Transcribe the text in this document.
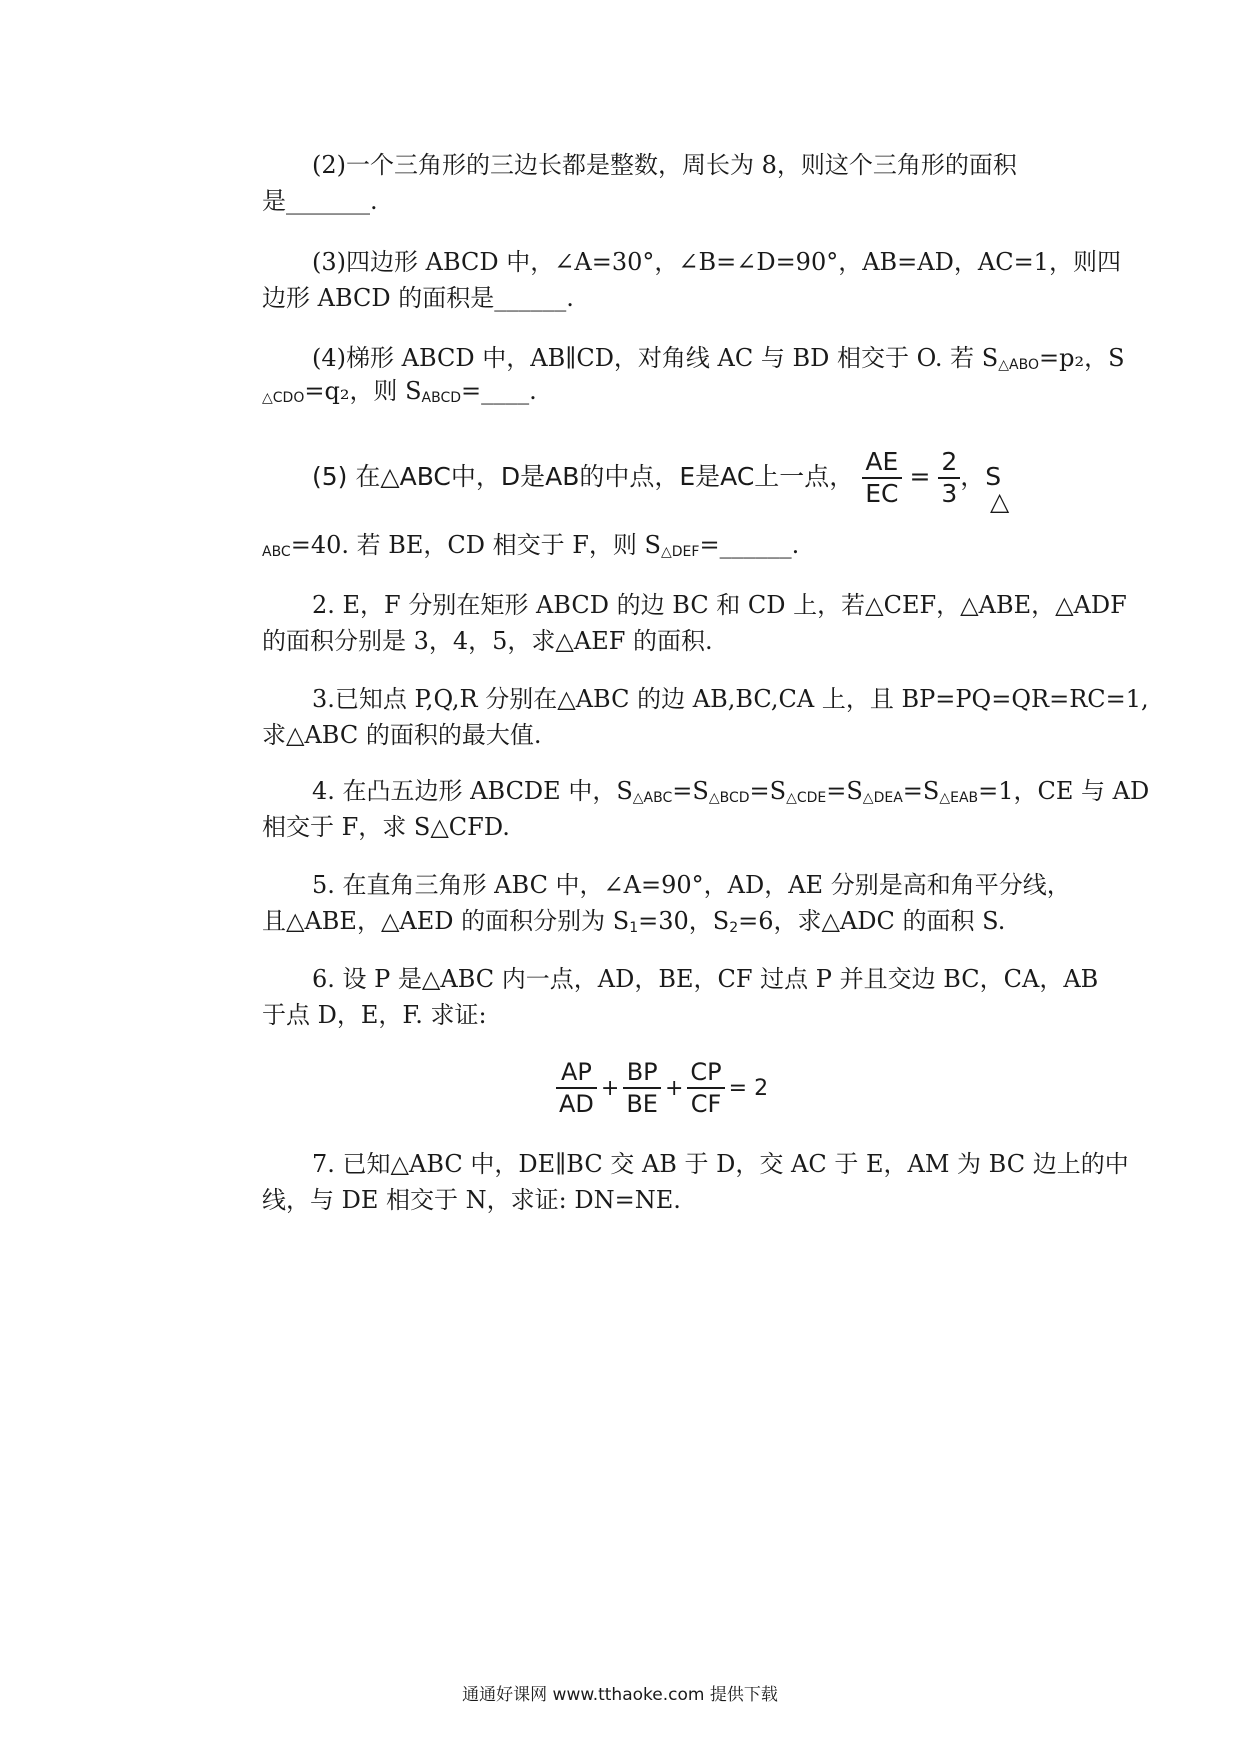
(2)一个三角形的三边长都是整数，周长为 8，则这个三角形的面积
是_______.
(3)四边形 ABCD 中，∠A=30°，∠B=∠D=90°，AB=AD，AC=1，则四
边形 ABCD 的面积是______.
(4)梯形 ABCD 中，AB∥CD，对角线 AC 与 BD 相交于 O. 若 $S_{\triangle ABO}=p_2$，S
$_{\triangle CDO}$=q₂，则 $S_{ABCD}=\_\_\_\_$.
(5) 在△ABC中，D是AB的中点，E是AC上一点， $\frac{AE}{EC} = \frac{2}{3}$ ，S
△
$_{ABC}$=40. 若 BE，CD 相交于 F，则 $S_{\triangle DEF}=\_\_\_\_\_\_$.
2. E，F 分别在矩形 ABCD 的边 BC 和 CD 上，若△CEF，△ABE，△ADF
的面积分别是 3，4，5，求△AEF 的面积.
3.已知点 P,Q,R 分别在△ABC 的边 AB,BC,CA 上，且 BP=PQ=QR=RC=1,
求△ABC 的面积的最大值.
4. 在凸五边形 ABCDE 中，$S_{\triangle ABC}=S_{\triangle BCD}=S_{\triangle CDE}=S_{\triangle DEA}=S_{\triangle EAB}=1$，CE 与 AD
相交于 F，求 S△CFD.
5. 在直角三角形 ABC 中，∠A=90°，AD，AE 分别是高和角平分线，
且△ABE，△AED 的面积分别为 $S_1=30$，$S_2=6$，求△ADC 的面积 S.
6. 设 P 是△ABC 内一点，AD，BE，CF 过点 P 并且交边 BC，CA，AB
于点 D，E，F. 求证:
$\frac{AP}{AD} + \frac{BP}{BE} + \frac{CP}{CF} = 2$
7. 已知△ABC 中，DE∥BC 交 AB 于 D，交 AC 于 E，AM 为 BC 边上的中
线，与 DE 相交于 N，求证: DN=NE.
通通好课网 www.tthaoke.com 提供下载
